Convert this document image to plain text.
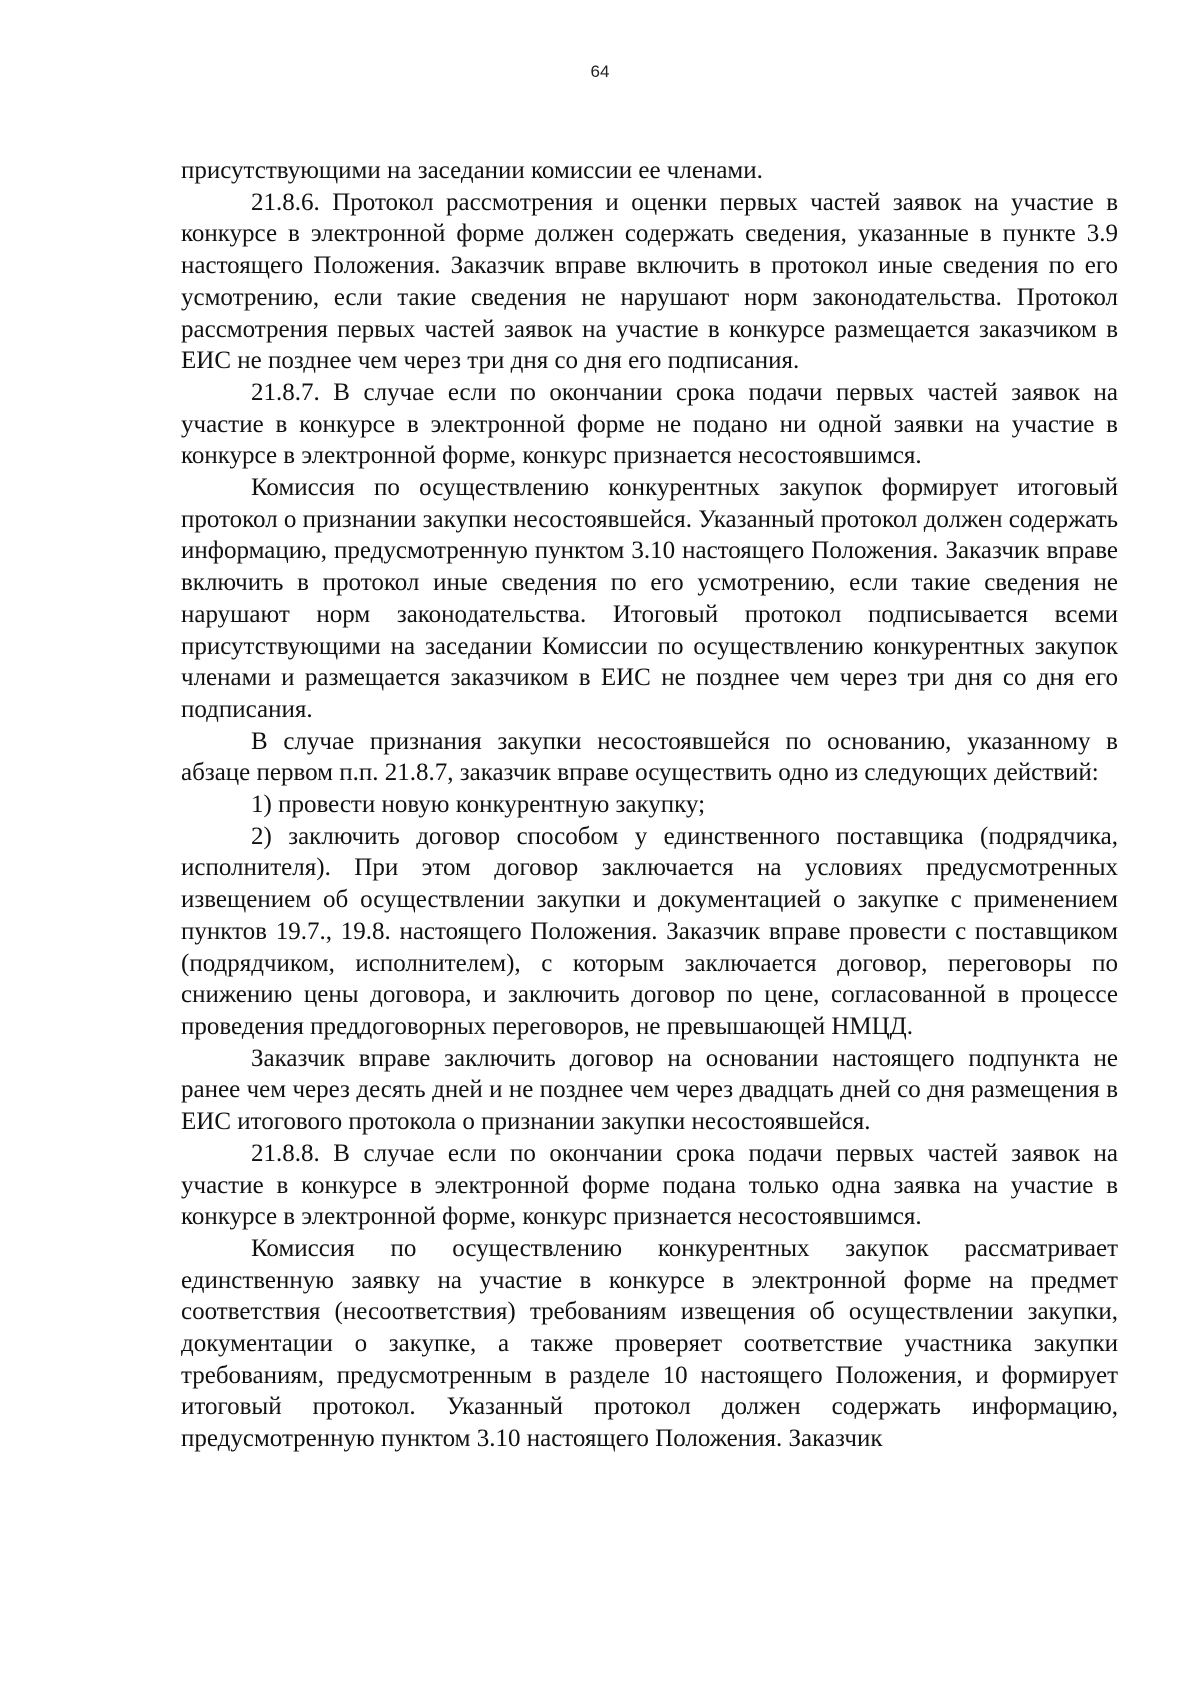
64

присутствующими на заседании комиссии ее членами.

21.8.6. Протокол рассмотрения и оценки первых частей заявок на участие в конкурсе в электронной форме должен содержать сведения, указанные в пункте 3.9 настоящего Положения. Заказчик вправе включить в протокол иные сведения по его усмотрению, если такие сведения не нарушают норм законодательства. Протокол рассмотрения первых частей заявок на участие в конкурсе размещается заказчиком в ЕИС не позднее чем через три дня со дня его подписания.

21.8.7. В случае если по окончании срока подачи первых частей заявок на участие в конкурсе в электронной форме не подано ни одной заявки на участие в конкурсе в электронной форме, конкурс признается несостоявшимся.

Комиссия по осуществлению конкурентных закупок формирует итоговый протокол о признании закупки несостоявшейся. Указанный протокол должен содержать информацию, предусмотренную пунктом 3.10 настоящего Положения. Заказчик вправе включить в протокол иные сведения по его усмотрению, если такие сведения не нарушают норм законодательства. Итоговый протокол подписывается всеми присутствующими на заседании Комиссии по осуществлению конкурентных закупок членами и размещается заказчиком в ЕИС не позднее чем через три дня со дня его подписания.

В случае признания закупки несостоявшейся по основанию, указанному в абзаце первом п.п. 21.8.7, заказчик вправе осуществить одно из следующих действий:

1) провести новую конкурентную закупку;

2) заключить договор способом у единственного поставщика (подрядчика, исполнителя). При этом договор заключается на условиях предусмотренных извещением об осуществлении закупки и документацией о закупке с применением пунктов 19.7., 19.8. настоящего Положения. Заказчик вправе провести с поставщиком (подрядчиком, исполнителем), с которым заключается договор, переговоры по снижению цены договора, и заключить договор по цене, согласованной в процессе проведения преддоговорных переговоров, не превышающей НМЦД.

Заказчик вправе заключить договор на основании настоящего подпункта не ранее чем через десять дней и не позднее чем через двадцать дней со дня размещения в ЕИС итогового протокола о признании закупки несостоявшейся.

21.8.8. В случае если по окончании срока подачи первых частей заявок на участие в конкурсе в электронной форме подана только одна заявка на участие в конкурсе в электронной форме, конкурс признается несостоявшимся.

Комиссия по осуществлению конкурентных закупок рассматривает единственную заявку на участие в конкурсе в электронной форме на предмет соответствия (несоответствия) требованиям извещения об осуществлении закупки, документации о закупке, а также проверяет соответствие участника закупки требованиям, предусмотренным в разделе 10 настоящего Положения, и формирует итоговый протокол. Указанный протокол должен содержать информацию, предусмотренную пунктом 3.10 настоящего Положения. Заказчик
